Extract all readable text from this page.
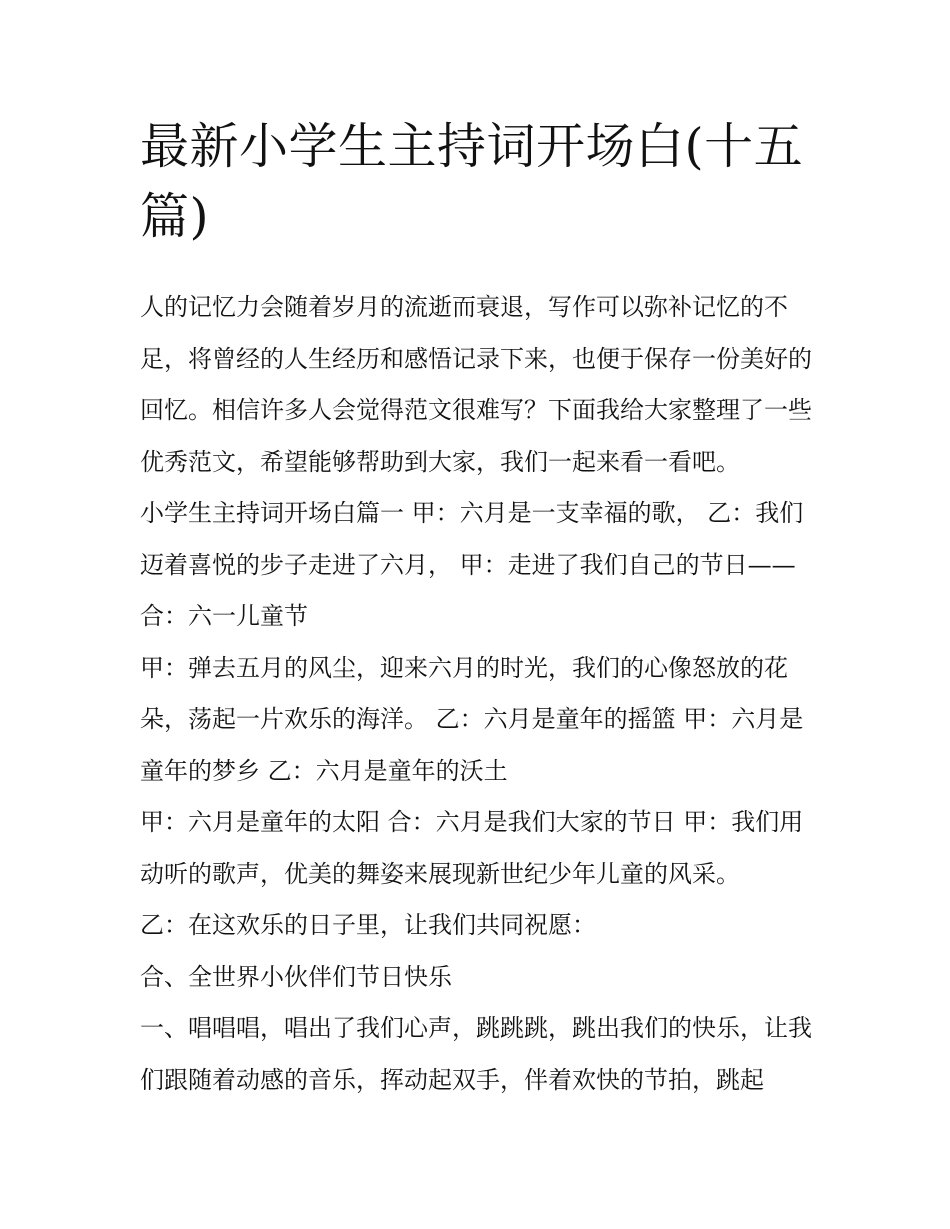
最新小学生主持词开场白(十五篇)

人的记忆力会随着岁月的流逝而衰退，写作可以弥补记忆的不足，将曾经的人生经历和感悟记录下来，也便于保存一份美好的回忆。相信许多人会觉得范文很难写？下面我给大家整理了一些优秀范文，希望能够帮助到大家，我们一起来看一看吧。

小学生主持词开场白篇一 甲：六月是一支幸福的歌， 乙：我们迈着喜悦的步子走进了六月， 甲：走进了我们自己的节日—— 合：六一儿童节

甲：弹去五月的风尘，迎来六月的时光，我们的心像怒放的花朵，荡起一片欢乐的海洋。 乙：六月是童年的摇篮 甲：六月是童年的梦乡 乙：六月是童年的沃土

甲：六月是童年的太阳 合：六月是我们大家的节日 甲：我们用动听的歌声，优美的舞姿来展现新世纪少年儿童的风采。

乙：在这欢乐的日子里，让我们共同祝愿：

合、全世界小伙伴们节日快乐

一、唱唱唱，唱出了我们心声，跳跳跳，跳出我们的快乐，让我们跟随着动感的音乐，挥动起双手，伴着欢快的节拍，跳起
